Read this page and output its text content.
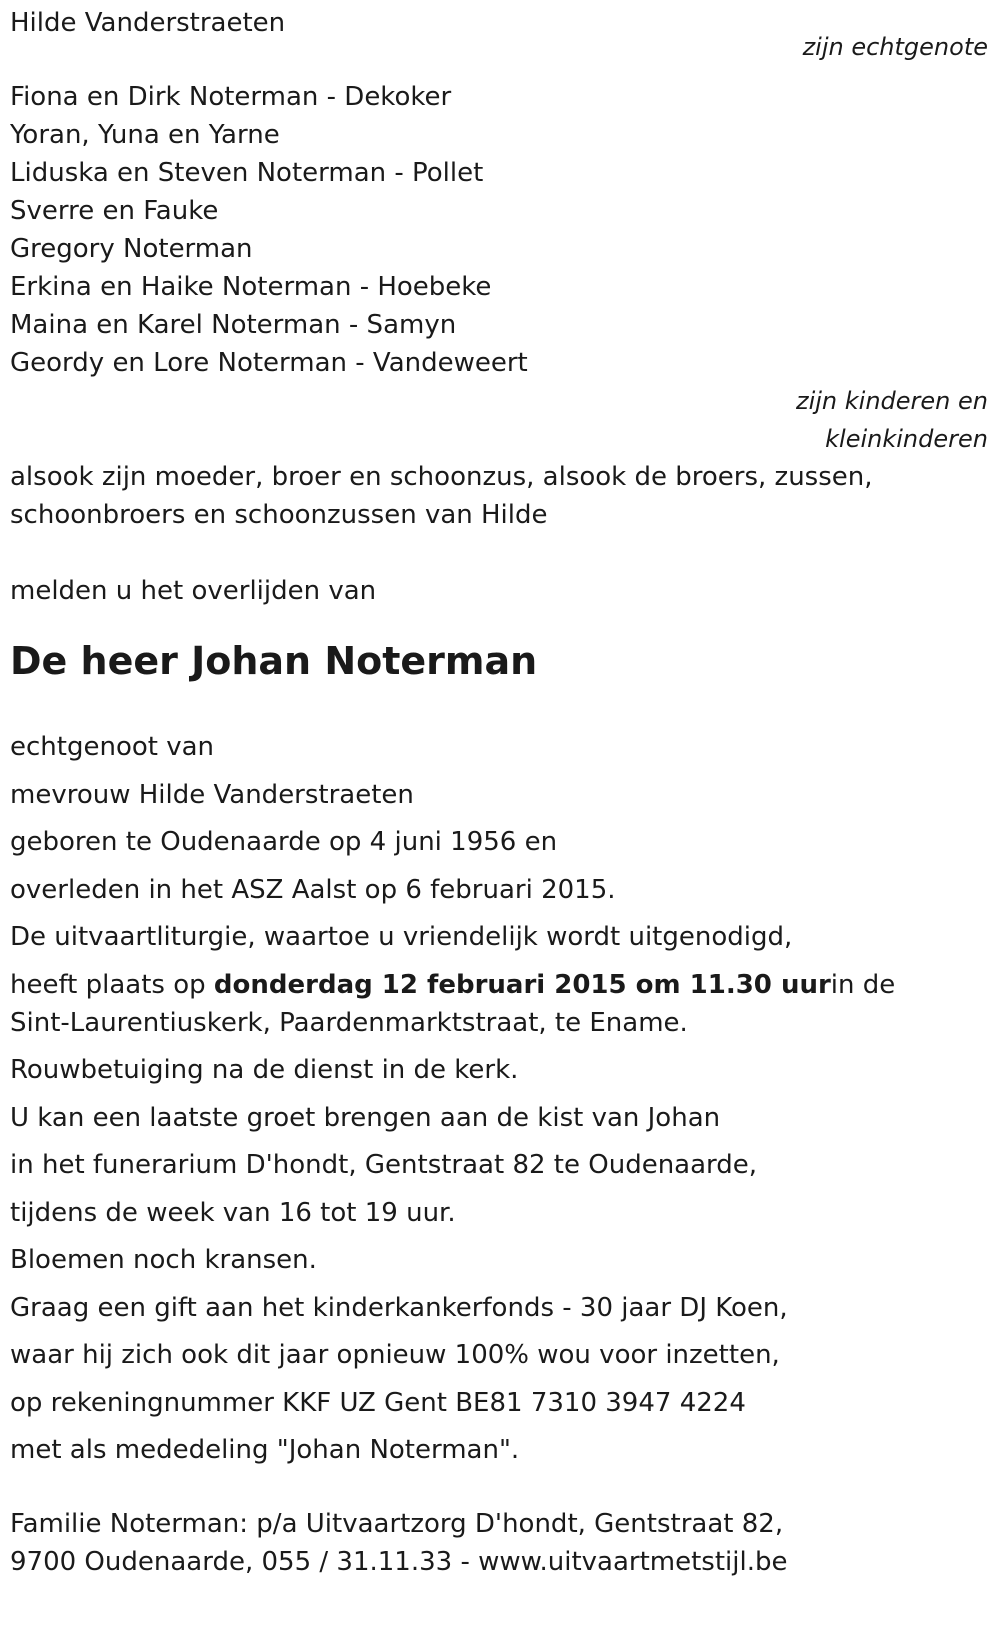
Hilde Vanderstraeten
zijn echtgenote
Fiona en Dirk Noterman - Dekoker
Yoran, Yuna en Yarne
Liduska en Steven Noterman - Pollet
Sverre en Fauke
Gregory Noterman
Erkina en Haike Noterman - Hoebeke
Maina en Karel Noterman - Samyn
Geordy en Lore Noterman - Vandeweert
zijn kinderen en
kleinkinderen
alsook zijn moeder, broer en schoonzus, alsook de broers, zussen,
schoonbroers en schoonzussen van Hilde
melden u het overlijden van
De heer Johan Noterman
echtgenoot van
mevrouw Hilde Vanderstraeten
geboren te Oudenaarde op 4 juni 1956 en
overleden in het ASZ Aalst op 6 februari 2015.
De uitvaartliturgie, waartoe u vriendelijk wordt uitgenodigd,
heeft plaats op donderdag 12 februari 2015 om 11.30 uurin de
Sint-Laurentiuskerk, Paardenmarktstraat, te Ename.
Rouwbetuiging na de dienst in de kerk.
U kan een laatste groet brengen aan de kist van Johan
in het funerarium D'hondt, Gentstraat 82 te Oudenaarde,
tijdens de week van 16 tot 19 uur.
Bloemen noch kransen.
Graag een gift aan het kinderkankerfonds - 30 jaar DJ Koen,
waar hij zich ook dit jaar opnieuw 100% wou voor inzetten,
op rekeningnummer KKF UZ Gent BE81 7310 3947 4224
met als mededeling "Johan Noterman".
Familie Noterman: p/a Uitvaartzorg D'hondt, Gentstraat 82,
9700 Oudenaarde, 055 / 31.11.33 - www.uitvaartmetstijl.be
